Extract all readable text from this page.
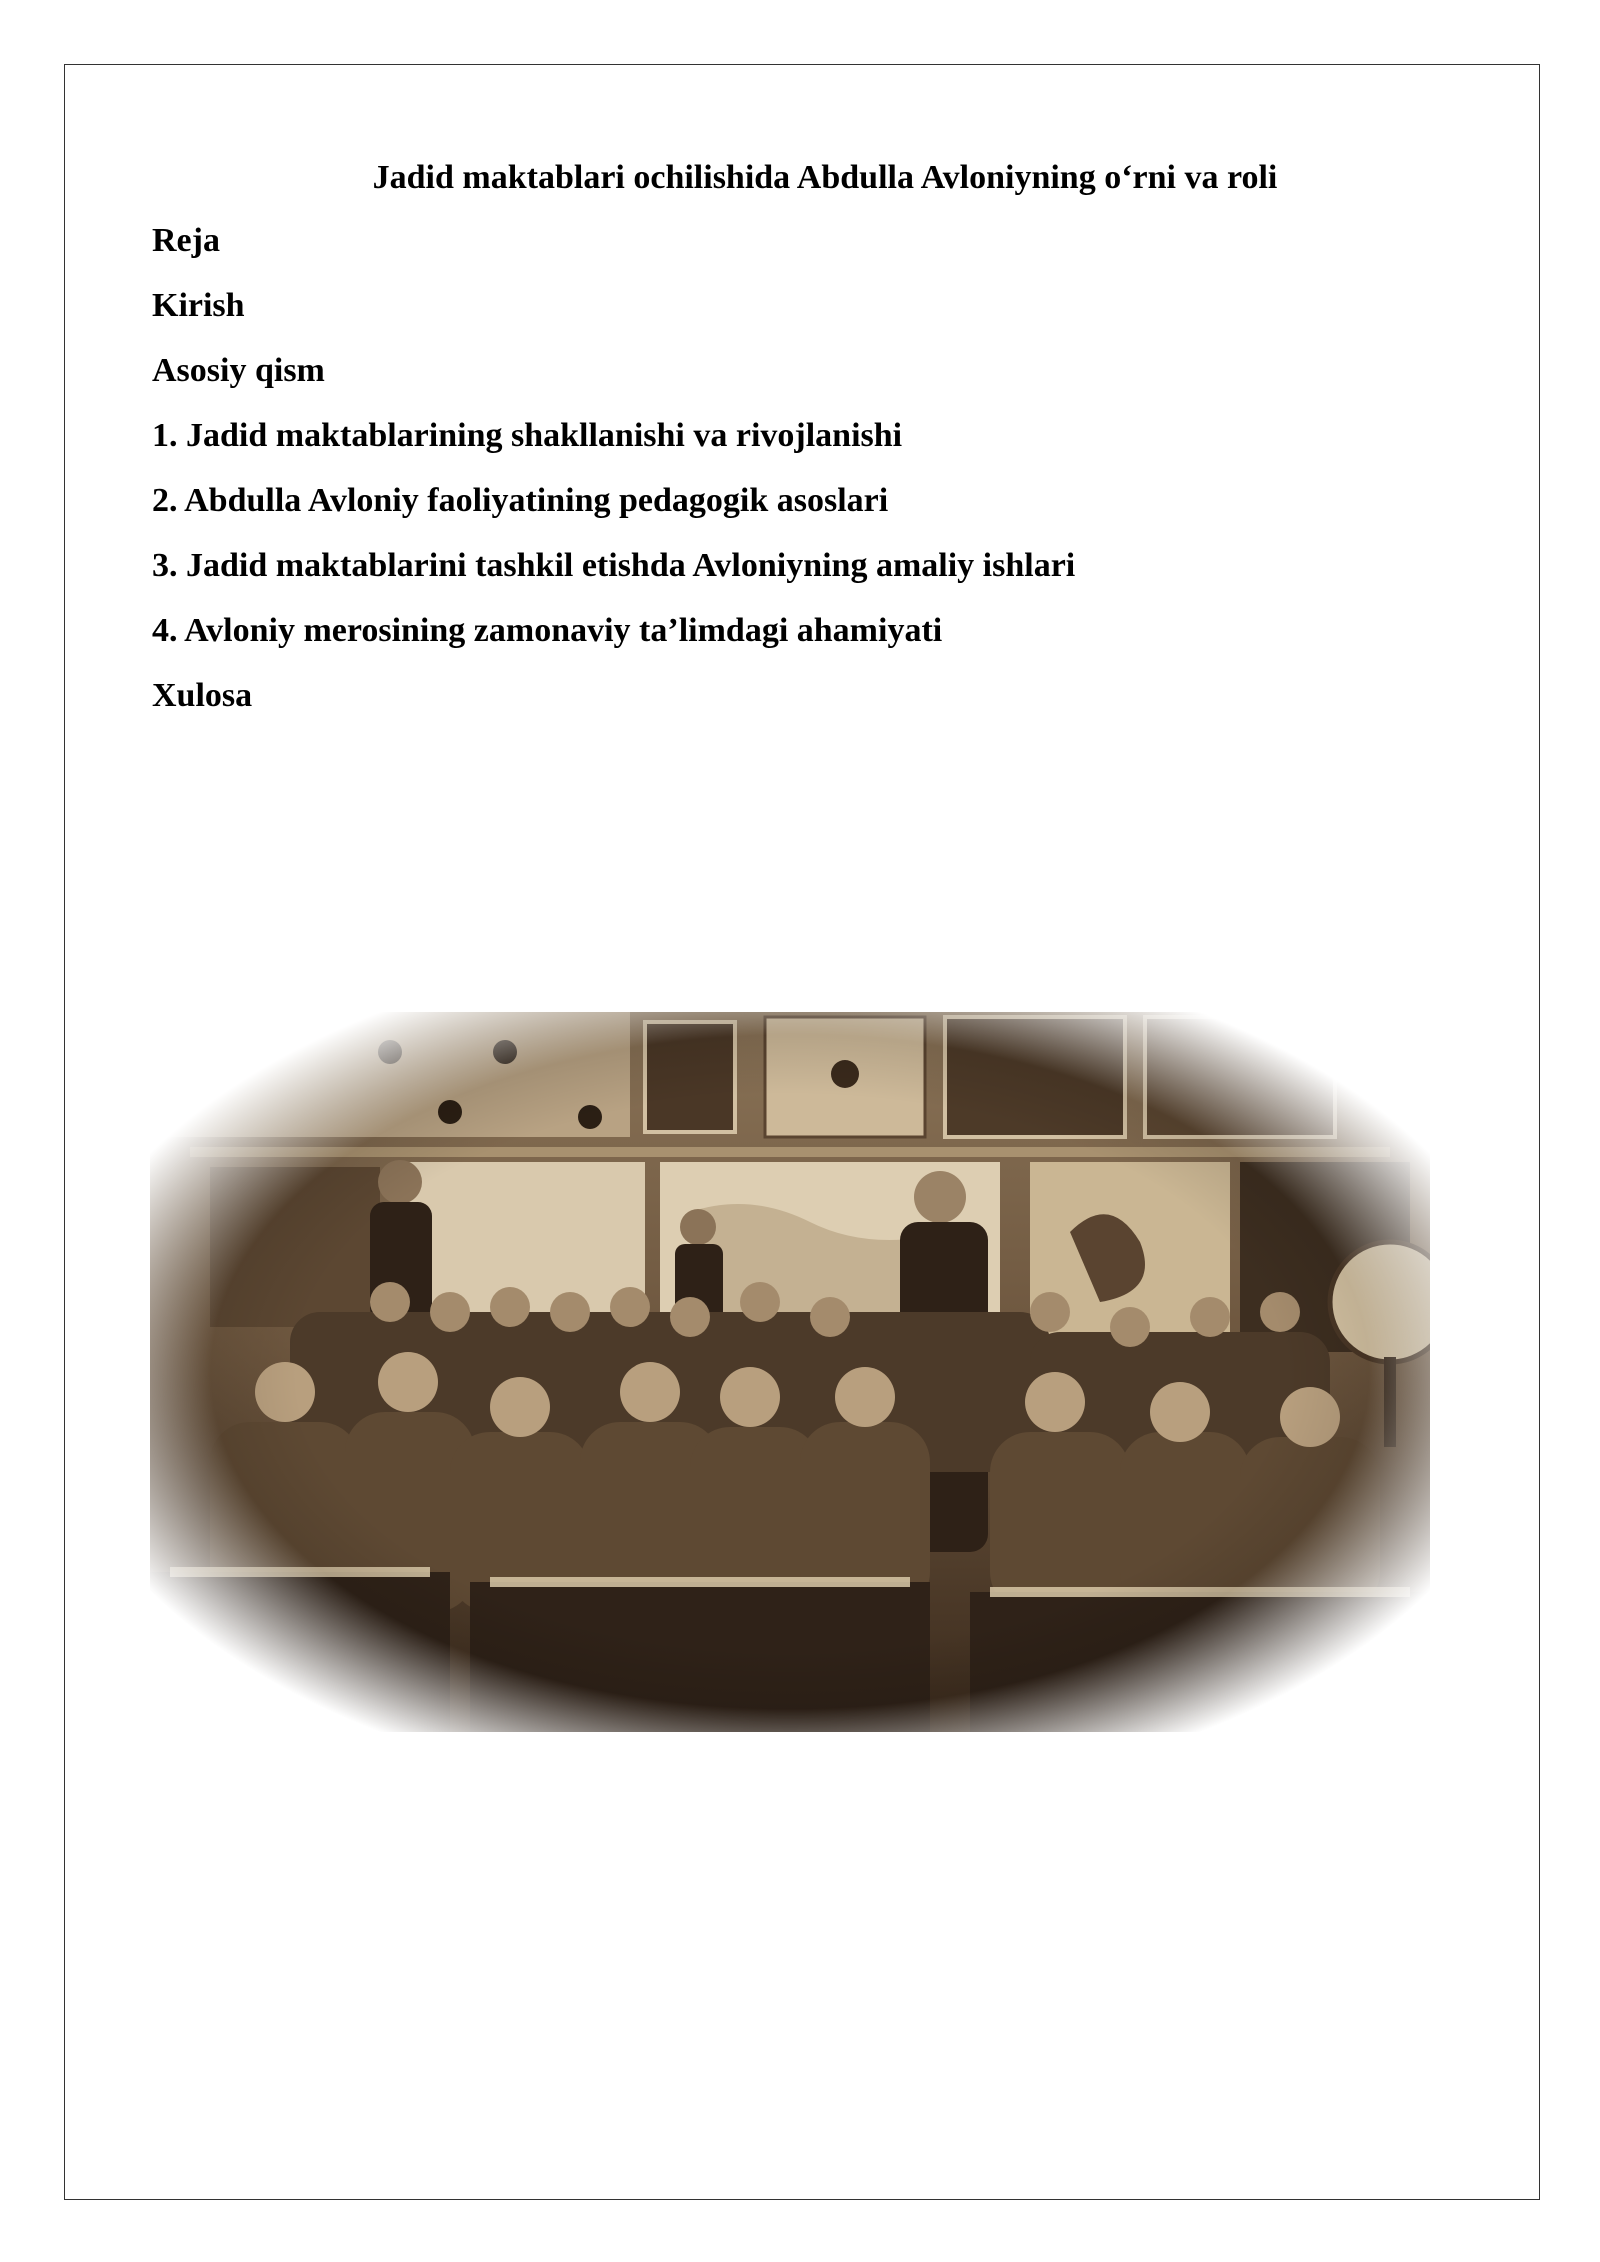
Jadid maktablari ochilishida Abdulla Avloniyning o‘rni va roli
Reja
Kirish
Asosiy qism
1. Jadid maktablarining shakllanishi va rivojlanishi
2. Abdulla Avloniy faoliyatining pedagogik asoslari
3. Jadid maktablarini tashkil etishda Avloniyning amaliy ishlari
4. Avloniy merosining zamonaviy ta’limdagi ahamiyati
Xulosa
